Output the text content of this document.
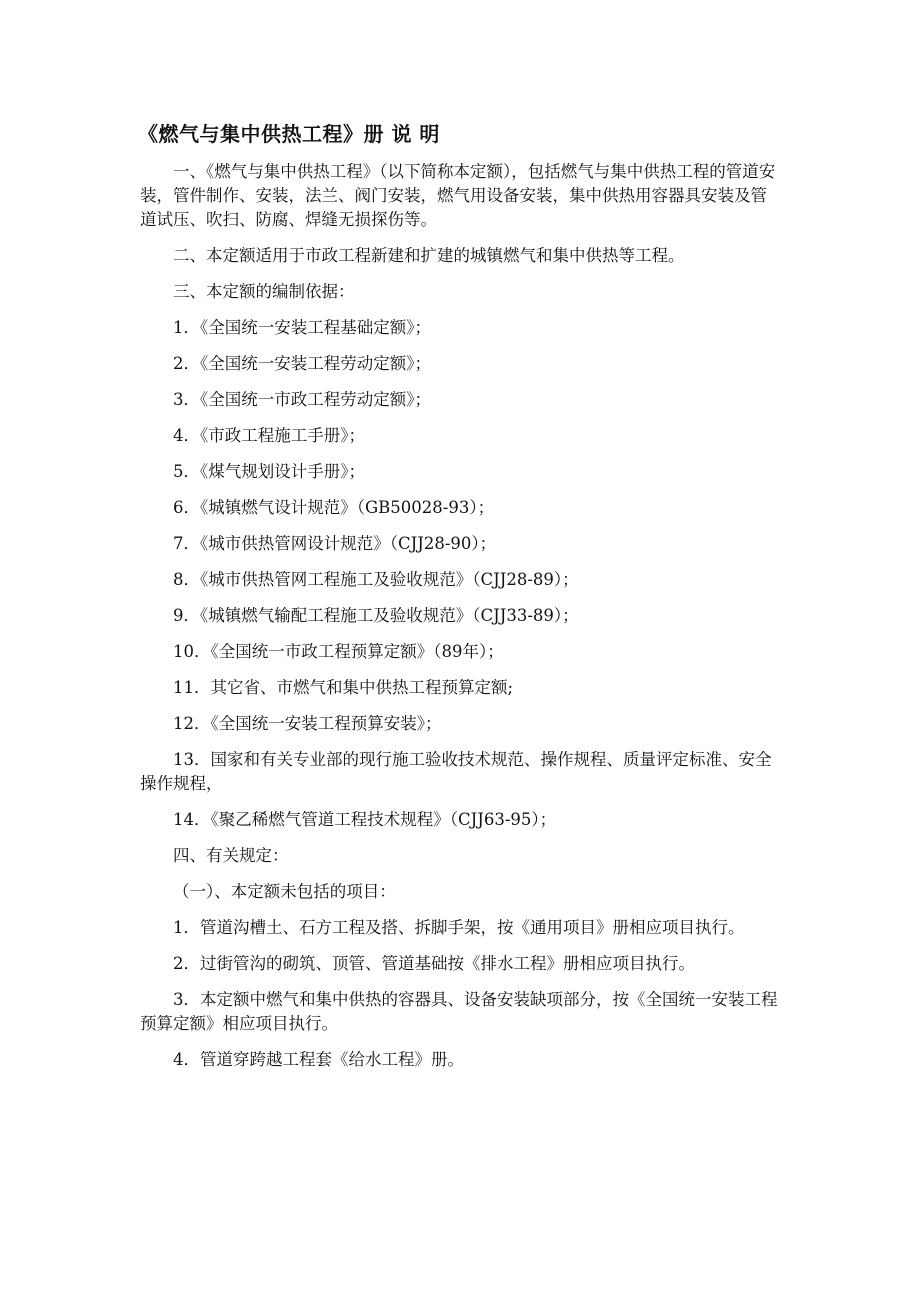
《燃气与集中供热工程》册 说 明

一、《燃气与集中供热工程》（以下简称本定额），包括燃气与集中供热工程的管道安装，管件制作、安装，法兰、阀门安装，燃气用设备安装，集中供热用容器具安装及管道试压、吹扫、防腐、焊缝无损探伤等。

二、本定额适用于市政工程新建和扩建的城镇燃气和集中供热等工程。

三、本定额的编制依据：

1．《全国统一安装工程基础定额》；

2．《全国统一安装工程劳动定额》；

3．《全国统一市政工程劳动定额》；

4．《市政工程施工手册》；

5．《煤气规划设计手册》；

6．《城镇燃气设计规范》（GB50028-93）；

7．《城市供热管网设计规范》（CJJ28-90）；

8．《城市供热管网工程施工及验收规范》（CJJ28-89）；

9．《城镇燃气输配工程施工及验收规范》（CJJ33-89）；

10．《全国统一市政工程预算定额》（89年）；

11．其它省、市燃气和集中供热工程预算定额;

12．《全国统一安装工程预算安装》；

13．国家和有关专业部的现行施工验收技术规范、操作规程、质量评定标准、安全操作规程，

14．《聚乙稀燃气管道工程技术规程》（CJJ63-95）；

四、有关规定：

（一）、本定额未包括的项目：

1．管道沟槽土、石方工程及搭、拆脚手架，按《通用项目》册相应项目执行。

2．过街管沟的砌筑、顶管、管道基础按《排水工程》册相应项目执行。

3．本定额中燃气和集中供热的容器具、设备安装缺项部分，按《全国统一安装工程预算定额》相应项目执行。

4．管道穿跨越工程套《给水工程》册。
